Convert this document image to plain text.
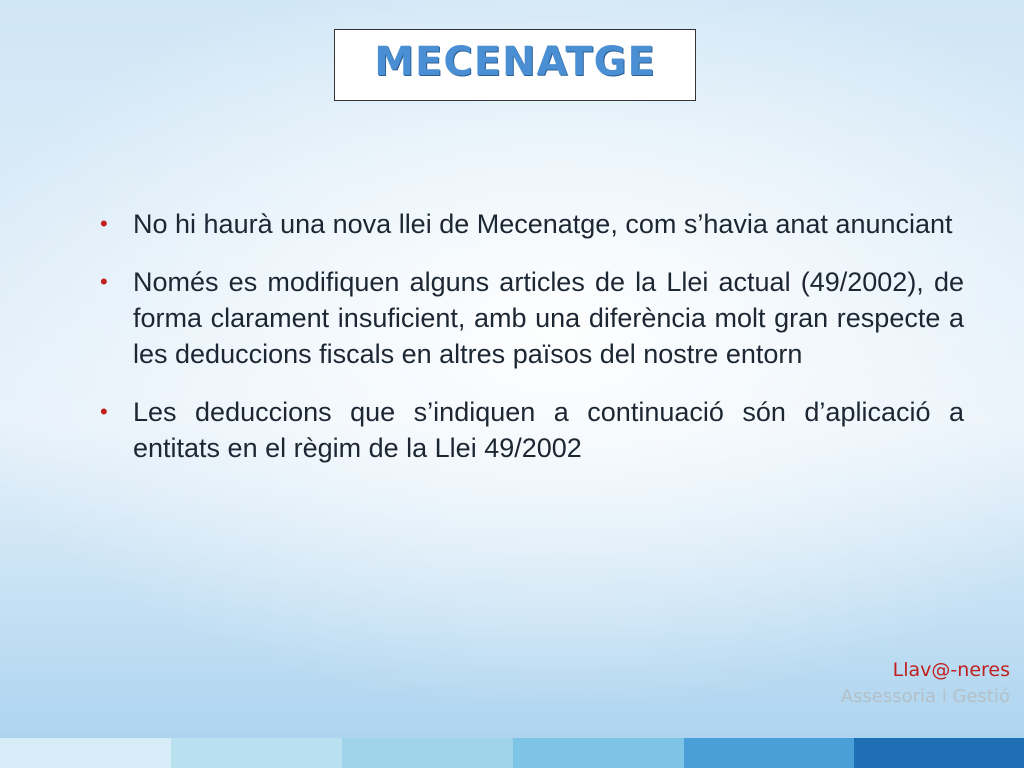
MECENATGE
• No hi haurà una nova llei de Mecenatge, com s’havia anat anunciant
• Només es modifiquen alguns articles de la Llei actual (49/2002), de forma clarament insuficient, amb una diferència molt gran respecte a les deduccions fiscals en altres països del nostre entorn
• Les deduccions que s’indiquen a continuació són d’aplicació a entitats en el règim de la Llei 49/2002
Llav@-neres
Assessoria i Gestió
